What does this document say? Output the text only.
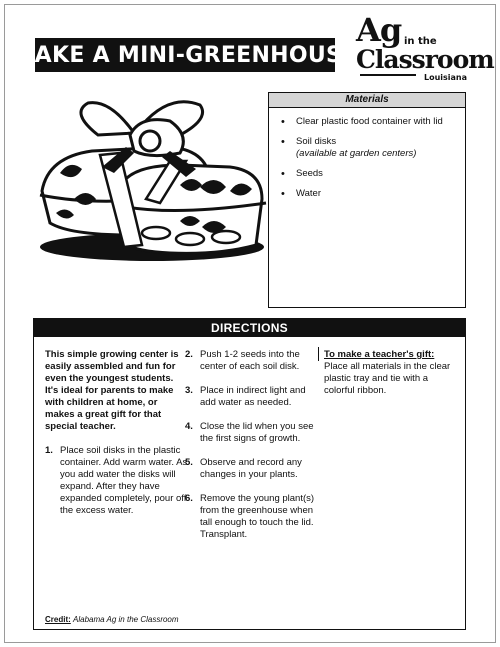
MAKE A MINI-GREENHOUSE
Ag in the
Classroom
Louisiana
Materials
• Clear plastic food container with lid
• Soil disks
(available at garden centers)
• Seeds
• Water
DIRECTIONS

This simple growing center is easily assembled and fun for even the youngest students. It's ideal for parents to make with children at home, or makes a great gift for that special teacher.

1. Place soil disks in the plastic container. Add warm water. As you add water the disks will expand. After they have expanded completely, pour off the excess water.
2. Push 1-2 seeds into the center of each soil disk.
3. Place in indirect light and add water as needed.
4. Close the lid when you see the first signs of growth.
5. Observe and record any changes in your plants.
6. Remove the young plant(s) from the greenhouse when tall enough to touch the lid. Transplant.
To make a teacher's gift:
Place all materials in the clear plastic tray and tie with a colorful ribbon.
Credit: Alabama Ag in the Classroom
